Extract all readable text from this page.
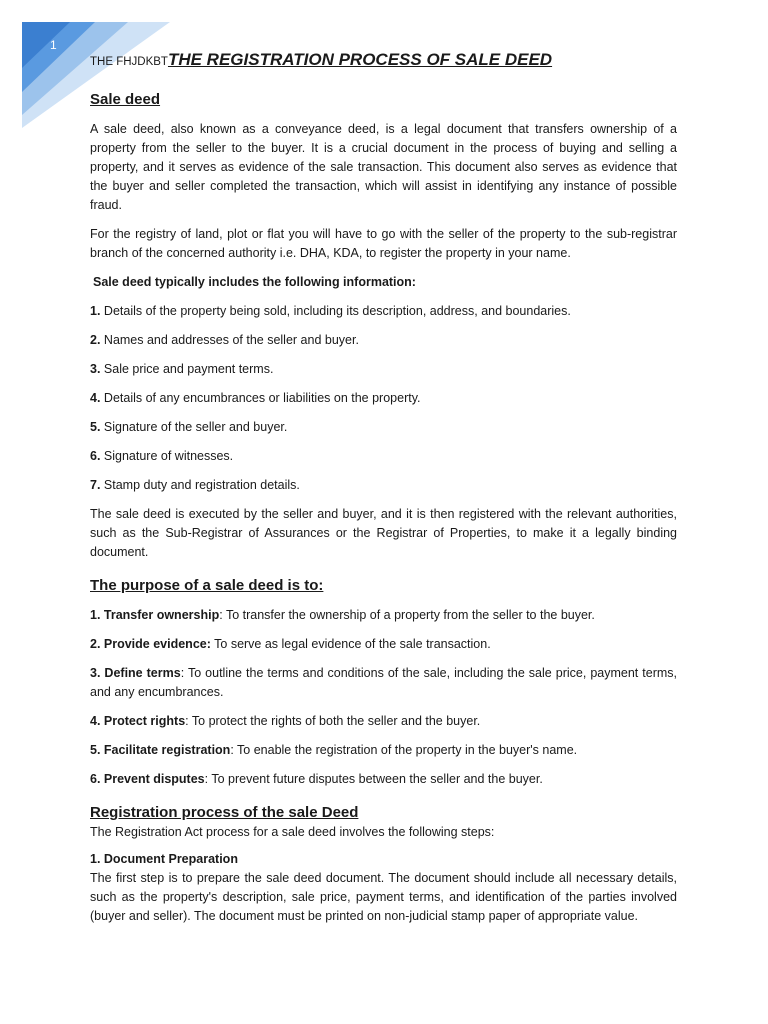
1
THE FHJDKBTTHE REGISTRATION PROCESS OF SALE DEED
Sale deed

A sale deed, also known as a conveyance deed, is a legal document that transfers ownership of a property from the seller to the buyer. It is a crucial document in the process of buying and selling a property, and it serves as evidence of the sale transaction. This document also serves as evidence that the buyer and seller completed the transaction, which will assist in identifying any instance of possible fraud.

For the registry of land, plot or flat you will have to go with the seller of the property to the sub-registrar branch of the concerned authority i.e. DHA, KDA, to register the property in your name.

Sale deed typically includes the following information:
1. Details of the property being sold, including its description, address, and boundaries.
2. Names and addresses of the seller and buyer.
3. Sale price and payment terms.
4. Details of any encumbrances or liabilities on the property.
5. Signature of the seller and buyer.
6. Signature of witnesses.
7. Stamp duty and registration details.

The sale deed is executed by the seller and buyer, and it is then registered with the relevant authorities, such as the Sub-Registrar of Assurances or the Registrar of Properties, to make it a legally binding document.

The purpose of a sale deed is to:
1. Transfer ownership: To transfer the ownership of a property from the seller to the buyer.
2. Provide evidence: To serve as legal evidence of the sale transaction.

3. Define terms: To outline the terms and conditions of the sale, including the sale price, payment terms, and any encumbrances.

4. Protect rights: To protect the rights of both the seller and the buyer.
5. Facilitate registration: To enable the registration of the property in the buyer's name.
6. Prevent disputes: To prevent future disputes between the seller and the buyer.
Registration process of the sale Deed
The Registration Act process for a sale deed involves the following steps:
1. Document Preparation

The first step is to prepare the sale deed document. The document should include all necessary details, such as the property's description, sale price, payment terms, and identification of the parties involved (buyer and seller). The document must be printed on non-judicial stamp paper of appropriate value.
